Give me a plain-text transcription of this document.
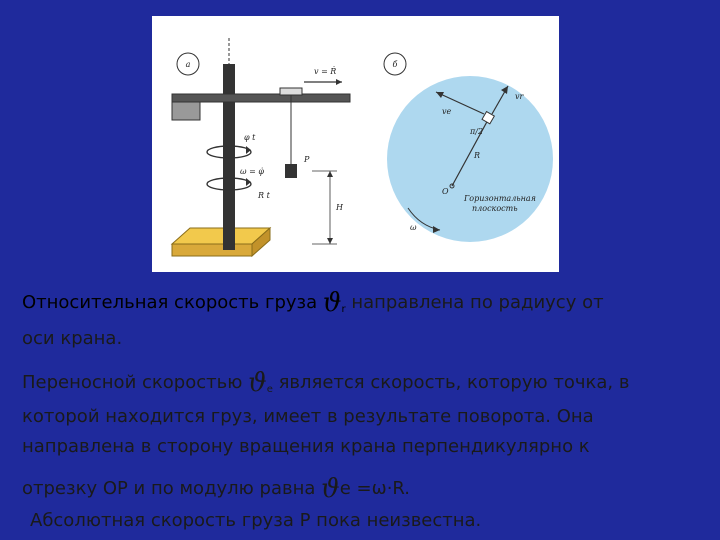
а
v = Ṙ
P
φ t
ω = φ̇
R t
H
б
O
R
vr
ve
π/2
ω
Горизонтальная
плоскость
Относительная скорость груза ϑr направлена по радиусу от
оси крана.
Переносной скоростью ϑe является скорость, которую точка, в
которой находится груз, имеет в результате поворота. Она
направлена в сторону вращения крана перпендикулярно к
отрезку ОР и по модулю равна ϑe =ω·R.
Абсолютная скорость груза Р пока неизвестна.
